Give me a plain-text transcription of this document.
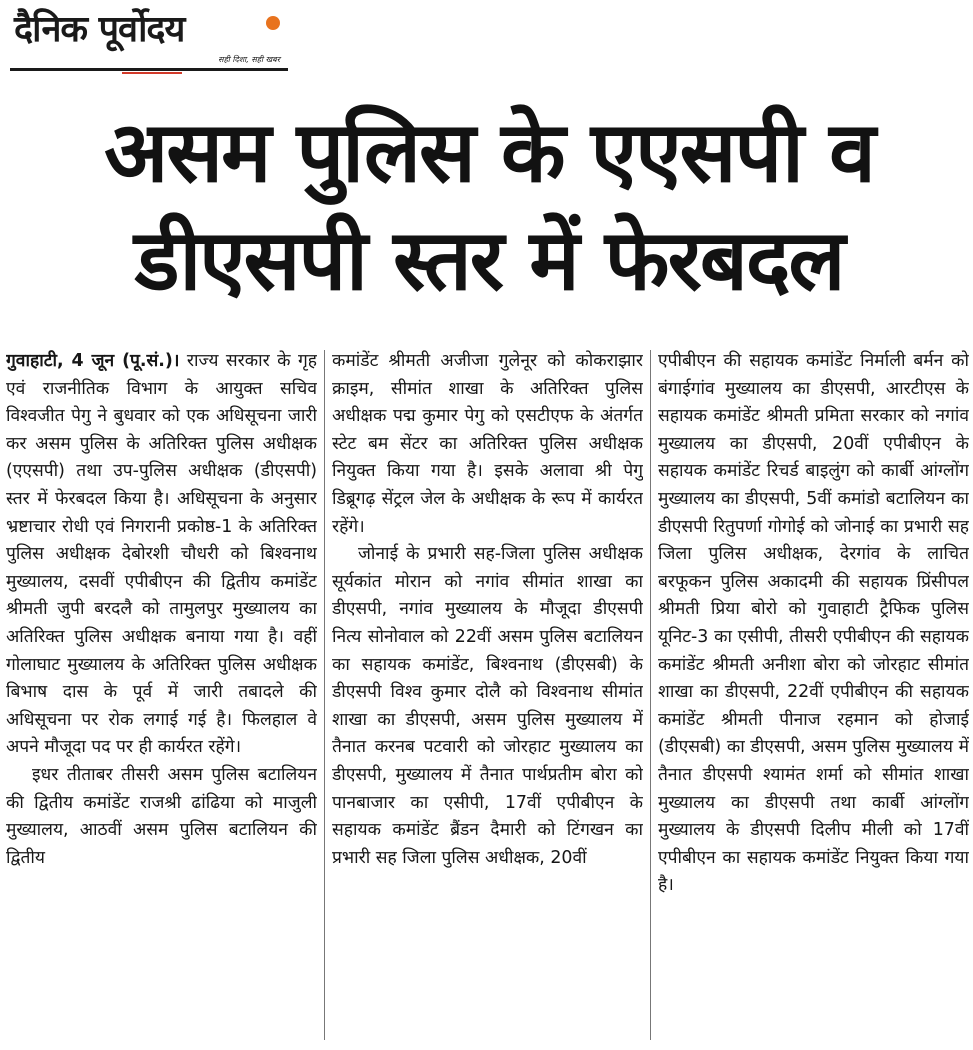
दैनिक पूर्वोदय
सही दिशा, सही खबर
असम पुलिस के एएसपी व डीएसपी स्तर में फेरबदल

गुवाहाटी, 4 जून (पू.सं.)। राज्य सरकार के गृह एवं राजनीतिक विभाग के आयुक्त सचिव विश्वजीत पेगु ने बुधवार को एक अधिसूचना जारी कर असम पुलिस के अतिरिक्त पुलिस अधीक्षक (एएसपी) तथा उप-पुलिस अधीक्षक (डीएसपी) स्तर में फेरबदल किया है। अधिसूचना के अनुसार भ्रष्टाचार रोधी एवं निगरानी प्रकोष्ठ-1 के अतिरिक्त पुलिस अधीक्षक देबोरशी चौधरी को बिश्वनाथ मुख्यालय, दसवीं एपीबीएन की द्वितीय कमांडेंट श्रीमती जुपी बरदलै को तामुलपुर मुख्यालय का अतिरिक्त पुलिस अधीक्षक बनाया गया है। वहीं गोलाघाट मुख्यालय के अतिरिक्त पुलिस अधीक्षक बिभाष दास के पूर्व में जारी तबादले की अधिसूचना पर रोक लगाई गई है। फिलहाल वे अपने मौजूदा पद पर ही कार्यरत रहेंगे।

इधर तीताबर तीसरी असम पुलिस बटालियन की द्वितीय कमांडेंट राजश्री ढांढिया को माजुली मुख्यालय, आठवीं असम पुलिस बटालियन की द्वितीय

कमांडेंट श्रीमती अजीजा गुलेनूर को कोकराझार क्राइम, सीमांत शाखा के अतिरिक्त पुलिस अधीक्षक पद्म कुमार पेगु को एसटीएफ के अंतर्गत स्टेट बम सेंटर का अतिरिक्त पुलिस अधीक्षक नियुक्त किया गया है। इसके अलावा श्री पेगु डिब्रूगढ़ सेंट्रल जेल के अधीक्षक के रूप में कार्यरत रहेंगे।

जोनाई के प्रभारी सह-जिला पुलिस अधीक्षक सूर्यकांत मोरान को नगांव सीमांत शाखा का डीएसपी, नगांव मुख्यालय के मौजूदा डीएसपी नित्य सोनोवाल को 22वीं असम पुलिस बटालियन का सहायक कमांडेंट, बिश्वनाथ (डीएसबी) के डीएसपी विश्व कुमार दोलै को विश्वनाथ सीमांत शाखा का डीएसपी, असम पुलिस मुख्यालय में तैनात करनब पटवारी को जोरहाट मुख्यालय का डीएसपी, मुख्यालय में तैनात पार्थप्रतीम बोरा को पानबाजार का एसीपी, 17वीं एपीबीएन के सहायक कमांडेंट ब्रैंडन दैमारी को टिंगखन का प्रभारी सह जिला पुलिस अधीक्षक, 20वीं

एपीबीएन की सहायक कमांडेंट निर्माली बर्मन को बंगाईगांव मुख्यालय का डीएसपी, आरटीएस के सहायक कमांडेंट श्रीमती प्रमिता सरकार को नगांव मुख्यालय का डीएसपी, 20वीं एपीबीएन के सहायक कमांडेंट रिचर्ड बाइलुंग को कार्बी आंग्लोंग मुख्यालय का डीएसपी, 5वीं कमांडो बटालियन का डीएसपी रितुपर्णा गोगोई को जोनाई का प्रभारी सह जिला पुलिस अधीक्षक, देरगांव के लाचित बरफूकन पुलिस अकादमी की सहायक प्रिंसीपल श्रीमती प्रिया बोरो को गुवाहाटी ट्रैफिक पुलिस यूनिट-3 का एसीपी, तीसरी एपीबीएन की सहायक कमांडेंट श्रीमती अनीशा बोरा को जोरहाट सीमांत शाखा का डीएसपी, 22वीं एपीबीएन की सहायक कमांडेंट श्रीमती पीनाज रहमान को होजाई (डीएसबी) का डीएसपी, असम पुलिस मुख्यालय में तैनात डीएसपी श्यामंत शर्मा को सीमांत शाखा मुख्यालय का डीएसपी तथा कार्बी आंग्लोंग मुख्यालय के डीएसपी दिलीप मीली को 17वीं एपीबीएन का सहायक कमांडेंट नियुक्त किया गया है।
